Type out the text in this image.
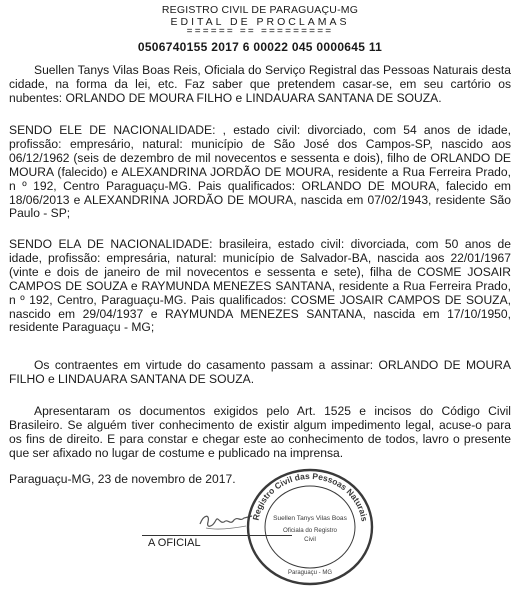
REGISTRO CIVIL DE PARAGUAÇU-MG
EDITAL DE PROCLAMAS
====== == =========
0506740155 2017 6 00022 045 0000645 11

Suellen Tanys Vilas Boas Reis, Oficiala do Serviço Registral das Pessoas Naturais desta cidade, na forma da lei, etc. Faz saber que pretendem casar-se, em seu cartório os nubentes: ORLANDO DE MOURA FILHO e LINDAUARA SANTANA DE SOUZA.

SENDO ELE DE NACIONALIDADE: , estado civil: divorciado, com 54 anos de idade, profissão: empresário, natural: município de São José dos Campos-SP, nascido aos 06/12/1962 (seis de dezembro de mil novecentos e sessenta e dois), filho de ORLANDO DE MOURA (falecido) e ALEXANDRINA JORDÃO DE MOURA, residente a Rua Ferreira Prado, n º 192, Centro Paraguaçu-MG. Pais qualificados: ORLANDO DE MOURA, falecido em 18/06/2013 e ALEXANDRINA JORDÃO DE MOURA, nascida em 07/02/1943, residente São Paulo - SP;

SENDO ELA DE NACIONALIDADE: brasileira, estado civil: divorciada, com 50 anos de idade, profissão: empresária, natural: município de Salvador-BA, nascida aos 22/01/1967 (vinte e dois de janeiro de mil novecentos e sessenta e sete), filha de COSME JOSAIR CAMPOS DE SOUZA e RAYMUNDA MENEZES SANTANA, residente a Rua Ferreira Prado, n º 192, Centro, Paraguaçu-MG. Pais qualificados: COSME JOSAIR CAMPOS DE SOUZA, nascido em 29/04/1937 e RAYMUNDA MENEZES SANTANA, nascida em 17/10/1950, residente Paraguaçu - MG;

Os contraentes em virtude do casamento passam a assinar: ORLANDO DE MOURA FILHO e LINDAUARA SANTANA DE SOUZA.

Apresentaram os documentos exigidos pelo Art. 1525 e incisos do Código Civil Brasileiro. Se alguém tiver conhecimento de existir algum impedimento legal, acuse-o para os fins de direito. E para constar e chegar este ao conhecimento de todos, lavro o presente que ser afixado no lugar de costume e publicado na imprensa.

Paraguaçu-MG, 23 de novembro de 2017.
A OFICIAL
Registro Civil das Pessoas Naturais
Suellen Tanys Vilas Boas
Oficiala do Registro
Civil
Paraguaçu - MG
